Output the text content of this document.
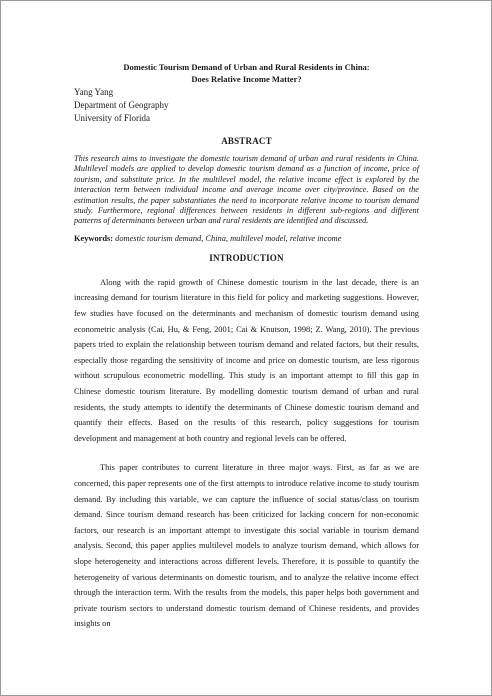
Domestic Tourism Demand of Urban and Rural Residents in China:
Does Relative Income Matter?

Yang Yang
Department of Geography
University of Florida
ABSTRACT

This research aims to investigate the domestic tourism demand of urban and rural residents in China. Multilevel models are applied to develop domestic tourism demand as a function of income, price of tourism, and substitute price. In the multilevel model, the relative income effect is explored by the interaction term between individual income and average income over city/province. Based on the estimation results, the paper substantiates the need to incorporate relative income to tourism demand study. Furthermore, regional differences between residents in different sub-regions and different patterns of determinants between urban and rural residents are identified and discussed.

Keywords: domestic tourism demand, China, multilevel model, relative income

INTRODUCTION

Along with the rapid growth of Chinese domestic tourism in the last decade, there is an increasing demand for tourism literature in this field for policy and marketing suggestions. However, few studies have focused on the determinants and mechanism of domestic tourism demand using econometric analysis (Cai, Hu, & Feng, 2001; Cai & Knutson, 1998; Z. Wang, 2010). The previous papers tried to explain the relationship between tourism demand and related factors, but their results, especially those regarding the sensitivity of income and price on domestic tourism, are less rigorous without scrupulous econometric modelling. This study is an important attempt to fill this gap in Chinese domestic tourism literature. By modelling domestic tourism demand of urban and rural residents, the study attempts to identify the determinants of Chinese domestic tourism demand and quantify their effects. Based on the results of this research, policy suggestions for tourism development and management at both country and regional levels can be offered.

This paper contributes to current literature in three major ways. First, as far as we are concerned, this paper represents one of the first attempts to introduce relative income to study tourism demand. By including this variable, we can capture the influence of social status/class on tourism demand. Since tourism demand research has been criticized for lacking concern for non-economic factors, our research is an important attempt to investigate this social variable in tourism demand analysis. Second, this paper applies multilevel models to analyze tourism demand, which allows for slope heterogeneity and interactions across different levels. Therefore, it is possible to quantify the heterogeneity of various determinants on domestic tourism, and to analyze the relative income effect through the interaction term. With the results from the models, this paper helps both government and private tourism sectors to understand domestic tourism demand of Chinese residents, and provides insights on
